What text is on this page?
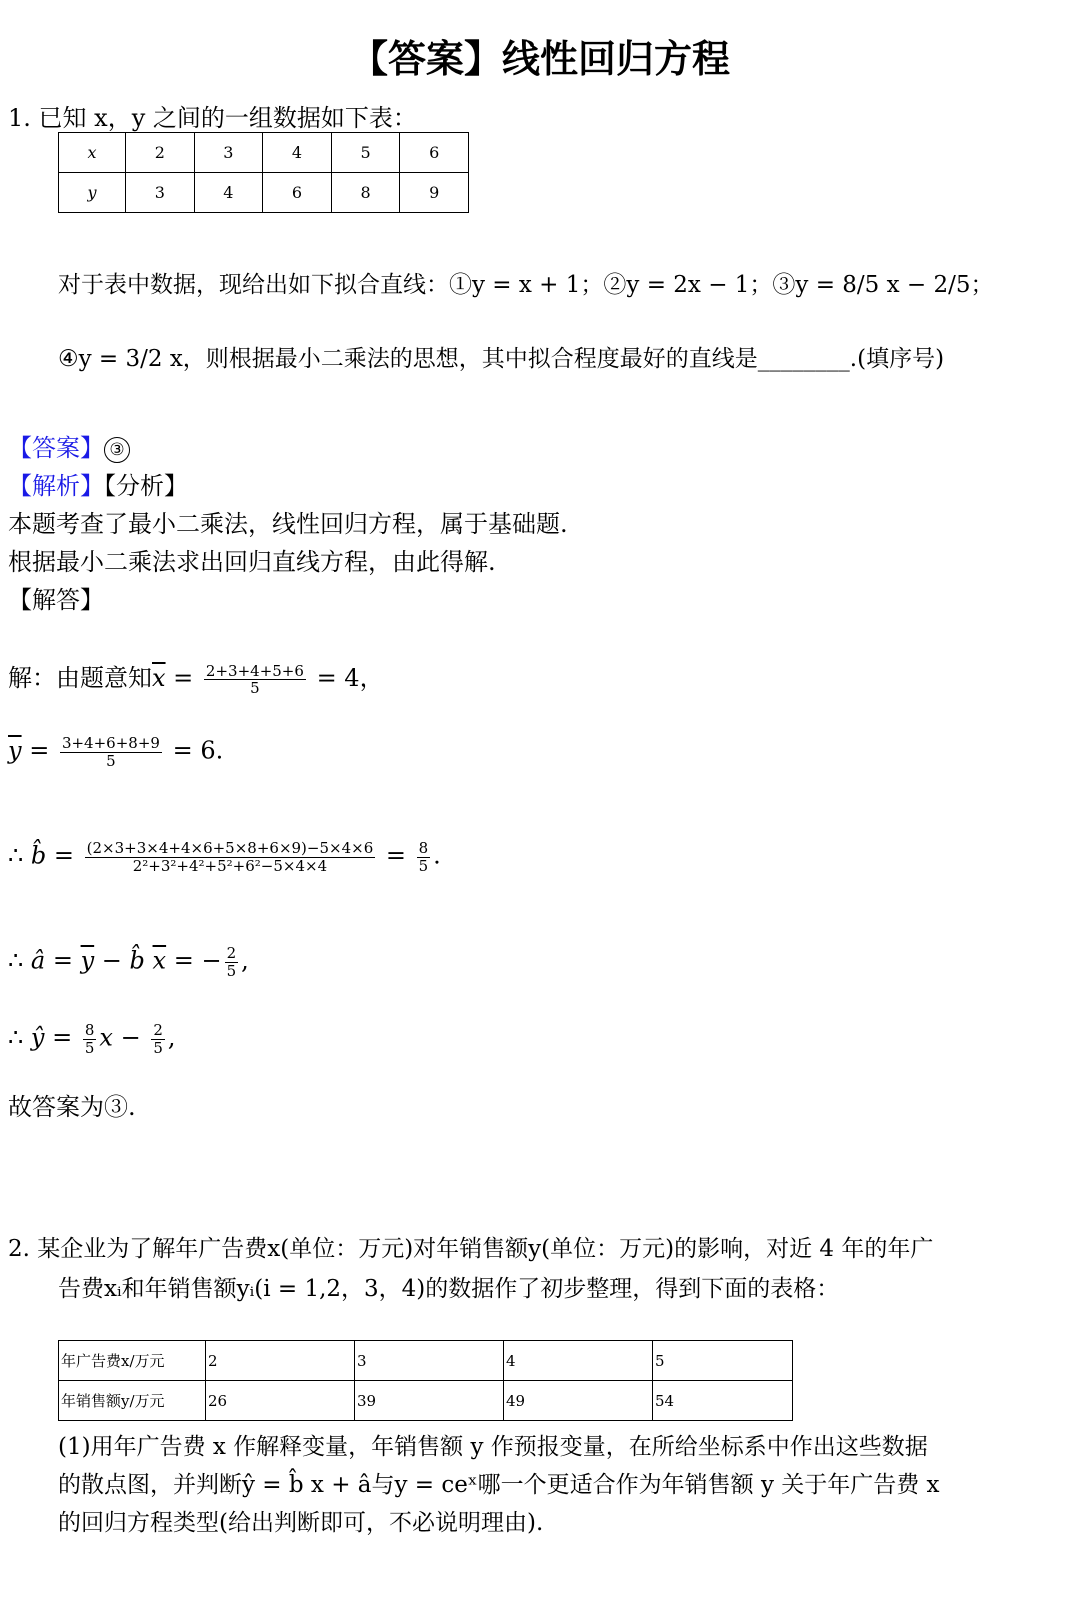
【答案】线性回归方程
1. 已知 x，y 之间的一组数据如下表：
x	2	3	4	5	6
y	3	4	6	8	9
对于表中数据，现给出如下拟合直线：①y = x + 1；②y = 2x − 1；③y = 8/5 x − 2/5；
④y = 3/2 x，则根据最小二乘法的思想，其中拟合程度最好的直线是________.(填序号)
【答案】 ③
【解析】【分析】
本题考查了最小二乘法，线性回归方程，属于基础题.
根据最小二乘法求出回归直线方程，由此得解.
【解答】
解：由题意知$\overline{x} = \frac{2+3+4+5+6}{5} = 4$，
$\overline{y} = \frac{3+4+6+8+9}{5} = 6$.
∴ b̂ = $\frac{(2\times 3+3\times 4+4\times 6+5\times 8+6\times 9)-5\times 4\times 6}{\text{2²+3²+4²+5²+6²−5×4×4}} = \frac{8}{5}$ .
∴ â = $\overline{y}$ − b̂ $\overline{x}$ = − $\frac{2}{5}$ ,
∴ ŷ = $\frac{8}{5}$ $x - \frac{2}{5}$ ,
故答案为③.
2. 某企业为了解年广告费x(单位：万元)对年销售额y(单位：万元)的影响，对近 4 年的年广
告费xᵢ和年销售额yᵢ(i = 1,2，3，4)的数据作了初步整理，得到下面的表格：
年广告费x/万元	2	3	4	5
年销售额y/万元	26	39	49	54
(1)用年广告费 x 作解释变量，年销售额 y 作预报变量，在所给坐标系中作出这些数据
的散点图，并判断ŷ = b̂ x + â与y = ceˣ哪一个更适合作为年销售额 y 关于年广告费 x
的回归方程类型(给出判断即可，不必说明理由).
